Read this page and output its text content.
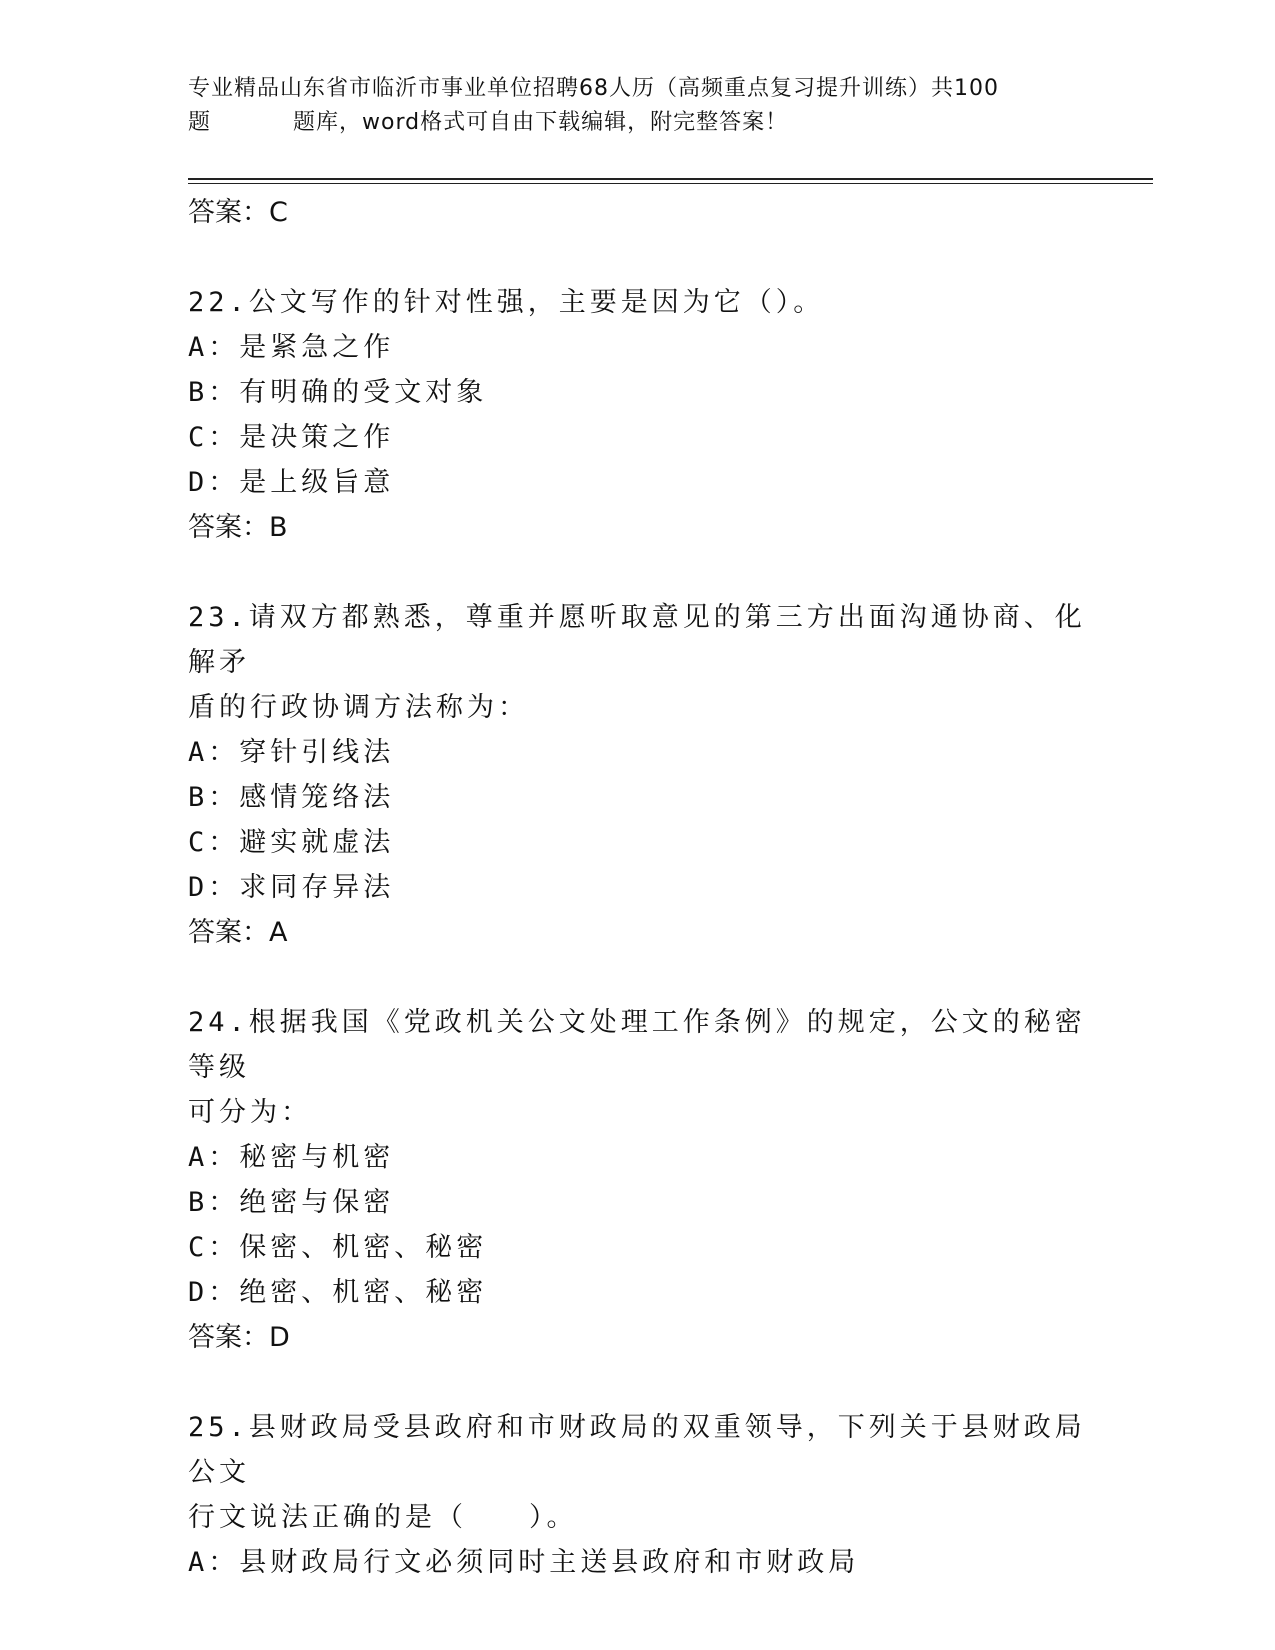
专业精品山东省市临沂市事业单位招聘68人历（高频重点复习提升训练）共100
题	题库，word格式可自由下载编辑，附完整答案！
答案：C
22.公文写作的针对性强，主要是因为它（）。
A：是紧急之作
B：有明确的受文对象
C：是决策之作
D：是上级旨意
答案：B
23.请双方都熟悉，尊重并愿听取意见的第三方出面沟通协商、化解矛
盾的行政协调方法称为：
A：穿针引线法
B：感情笼络法
C：避实就虚法
D：求同存异法
答案：A
24.根据我国《党政机关公文处理工作条例》的规定，公文的秘密等级
可分为：
A：秘密与机密
B：绝密与保密
C：保密、机密、秘密
D：绝密、机密、秘密
答案：D
25.县财政局受县政府和市财政局的双重领导，下列关于县财政局公文
行文说法正确的是（　　）。
A：县财政局行文必须同时主送县政府和市财政局
